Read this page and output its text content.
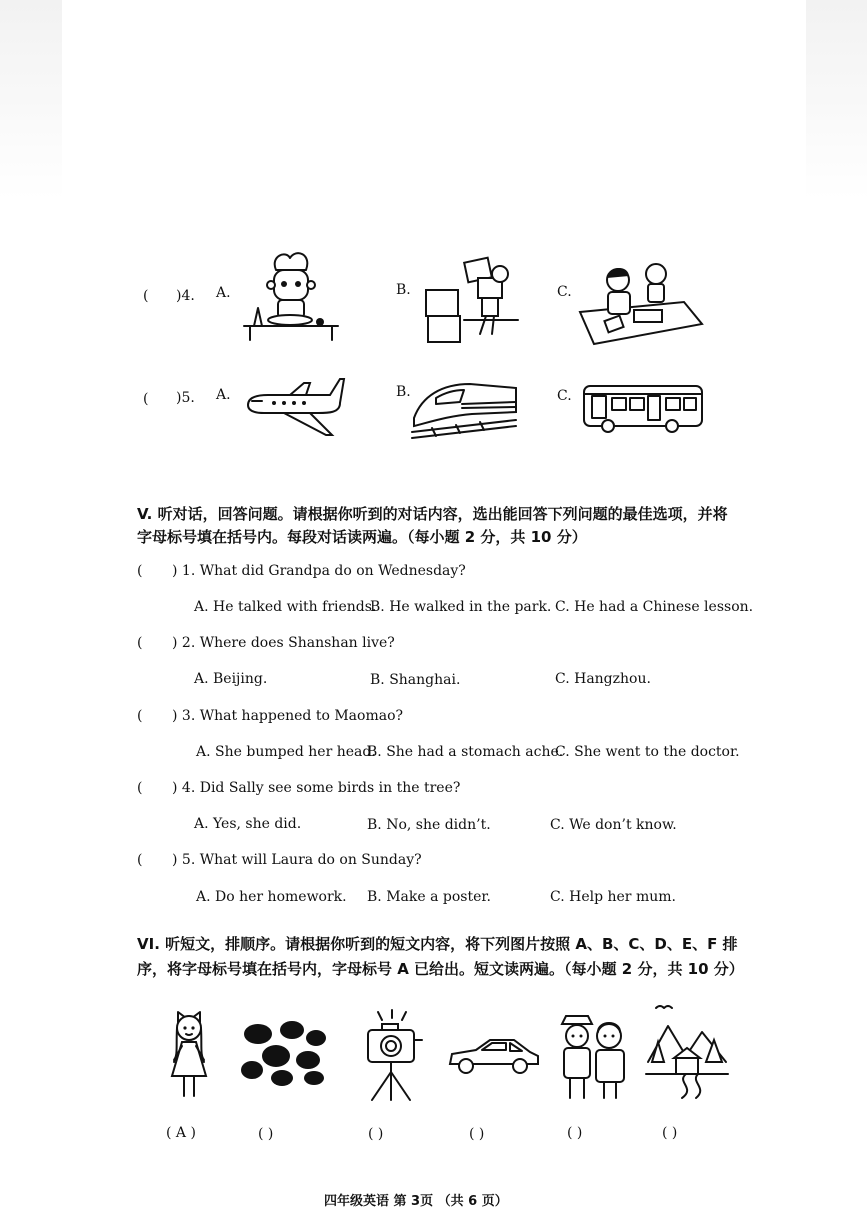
( )4. A.	B.	C.
( )5. A.	B.	C.
V. 听对话，回答问题。请根据你听到的对话内容，选出能回答下列问题的最佳选项，并将
字母标号填在括号内。每段对话读两遍。（每小题 2 分，共 10 分）
( ) 1. What did Grandpa do on Wednesday?
A. He talked with friends.
B. He walked in the park. C. He had a Chinese lesson.
( ) 2. Where does Shanshan live?
A. Beijing.	B. Shanghai.	C. Hangzhou.
( ) 3. What happened to Maomao?
A. She bumped her head.
B. She had a stomach ache.
C. She went to the doctor.
( ) 4. Did Sally see some birds in the tree?
A. Yes, she did.	B. No, she didn’t.	C. We don’t know.
( ) 5. What will Laura do on Sunday?
A. Do her homework. B. Make a poster.	C. Help her mum.
VI. 听短文，排顺序。请根据你听到的短文内容，将下列图片按照 A、B、C、D、E、F 排
序，将字母标号填在括号内，字母标号 A 已给出。短文读两遍。（每小题 2 分，共 10 分）
( A )	( )	( )	( )	( )	( )
四年级英语 第 3页 （共 6 页）
